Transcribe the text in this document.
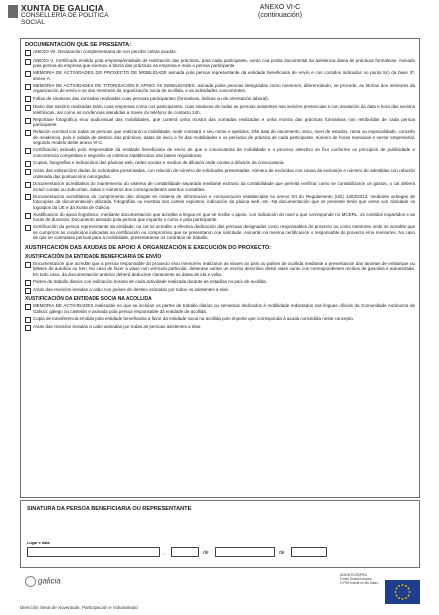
XUNTA DE GALICIA
CONSELLERÍA DE POLÍTICA
SOCIAL
ANEXO VI-C
(continuación)
DOCUMENTACIÓN QUE SE PRESENTA:
ANEXO VII. Declaración complementaria de non percibir outras axudas.
ANEXO V. Certificado emitido pola empresa/entidade de realización das prácticas, para cada participante, xunto coa proba documental da asistencia diaria ás prácticas formativas. Asinado pola persoa da empresa que exerceu a titoría das prácticas na empresa e mais a persoa participante.
MEMORIA DE ACTIVIDADES DO PROXECTO DE MOBILIDADE asinada pola persoa representante da entidade beneficiaria de envío e cos contidos indicados no punto 5c) da base 3ª, anexo-A.
MEMORIA DE ACTIVIDADES DE TITORIZACIÓN E APOIO ÁS MOBILIDADES, asinada polas persoas designadas como mentores, diferenciando, se procede, as titorías dos mentores da organización de envío e as dos mentores da organización socia de acollida, e as actividades concorrentes.
Follas de sinaturas das xornadas realizadas coas persoas participantes (formativas, lúdicas ou de orientación laboral).
Diario das sesións realizadas tanto coas empresas coma cos participantes, coas sinaturas de todas as persoas asistentes nas sesións presenciais e con anotación da data e hora das sesións telefónicas, así como as incidencias atendidas a través do teléfono de contacto 24h.
Reportaxe fotográfica e/ou audiovisual das mobilidades, que conterá unha mostra das xornadas realizadas e unha mostra das prácticas formativas non retribuídas de cada persoa participante.
Relación nominal con todas as persoas que realizaron a mobilidade, onde constará o seu nome e apelidos, DNI data de nacemento, sexo, nivel de estudos, rama ou especialidade, concello de residencia, país e cidade de destino das prácticas, datas de inicio e fin das mobilidades e os períodos de práctica de cada participante, número de horas mensuais e sector empresarial, segundo modelo deste anexo VI-C.
Certificación asinada polo responsable da entidade beneficiaria de envío de que a convocatoria da mobilidade e o proceso selectivo se fixo conforme os principios de publicidade e concorrencia competitiva e segundo os criterios establecidos nas bases reguladoras.
Copias, fotografías e indicacións das páxinas web, redes sociais e medios de difusión onde conste a difusión da convocatoria.
Actas das valoracións dadas ás solicitudes presentadas, con relación de número de solicitudes presentadas, número de excluídas con causa da exclusión e número de admitidas con relación ordenada das puntuacións outorgadas.
Documentación acreditativa do mantemento do sistema de contabilidade separada mediante extracto da contabilidade que permita verificar como se contabilizaron os gastos, o cal deberá incluír contas ou subcontas, datas e números dos correspondentes asentos contables.
Documentación acreditativa do cumprimento das obrigas en materia de Información e comunicación establecidas no anexo XII do Regulamento (UE) 1303/2013, mediante achegas de fotocopias da documentación utilizada, fotografías ou mostras dos carteis expostos, indicación da páxina web, etc. Na documentación que se presente terán que verse con claridade os logotipos da UE e da Xunta de Galicia.
Xustificación do apoio lingüístico, mediante documentación que acredite a lingua en que se recibe o apoio, con indicación do nivel a que corresponde no MCERL, os contidos impartidos e as horas de duración. Documento asinado pola persoa que impartiu o curso e pola participante.
Certificación da persoa representante da entidade, na cal se acredite a efectiva dedicación das persoas designadas como responsables do proxecto ou como mentores onde se acredite que se cumpriron as condicións indicadas na certificación ou compromiso que se presentaron coa solicitude. Asinarán na mesma certificación o responsable do proxecto e/ou mentor/es. No caso de que se contratase persoal para a mobilidade, presentaranse os contratos de traballo.
XUSTIFICACIÓN DAS AXUDAS DE APOIO Á ORGANIZACIÓN E EXECUCIÓN DO PROXECTO:
XUSTIFICACIÓN DA ENTIDADE BENEFICIARIA DE ENVÍO
Documentación que acredite que a persoa responsable do proxecto e/ou mentor/es realizaron as viaxes ao país ou países de acollida mediante a presentación das tarxetas de embarque ou billetes de autobús ou tren. No caso de facer a viaxe nun vehículo particular, deberase xuntar un escrito descritivo desta viaxe xunto cos correspondentes recibos de gasolina e autoestrada. En todo caso, da documentación anterior deberá deducirse claramente as datas de ida e volta.
Partes de traballo diarios con indicación horaria de cada actividade realizada durante as estadías no país de acollida.
Actas das reunións levadas a cabo nos países de destino asinadas por todos os asistentes a elas.
XUSTIFICACIÓN DA ENTIDADE SOCIA NA ACOLLIDA
MEMORIA DE ACTIVIDADES realizadas en que se incluían os partes de traballo diarios ou semanais dedicados á mobilidade redactados nas linguas oficiais da Comunidade Autónoma de Galicia: galego ou castelán e asinada pola persoa responsable da entidade de acollida.
Copia de transferencia emitida pola entidade beneficiaria a favor da entidade socia na acollida polo importe que corresponda á axuda concedida neste concepto.
Actas das reunións levadas a cabo asinadas por todas as persoas asistentes a elas.
SINATURA DA PERSOA BENEFICIARIA OU REPRESENTANTE
Lugar e data
,	de	de
galicia
Dirección Xeral de Xuventude, Participación e Voluntariado
UNIÓN EUROPEA
Fondo Social Europeo
O FSE inviste no teu futuro
